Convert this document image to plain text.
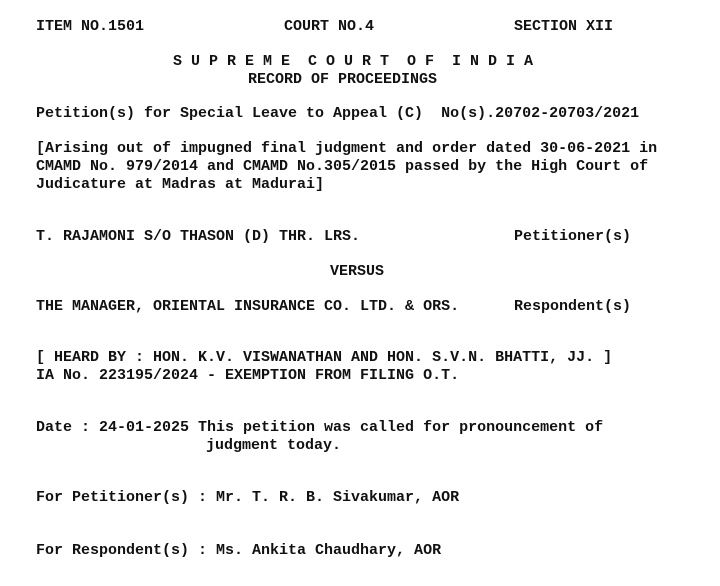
ITEM NO.1501	COURT NO.4	SECTION XII
S U P R E M E  C O U R T  O F  I N D I A
RECORD OF PROCEEDINGS
Petition(s) for Special Leave to Appeal (C)  No(s).20702-20703/2021
[Arising out of impugned final judgment and order dated 30-06-2021 in
CMAMD No. 979/2014 and CMAMD No.305/2015 passed by the High Court of
Judicature at Madras at Madurai]
T. RAJAMONI S/O THASON (D) THR. LRS.	Petitioner(s)
VERSUS
THE MANAGER, ORIENTAL INSURANCE CO. LTD. & ORS.	Respondent(s)
[ HEARD BY : HON. K.V. VISWANATHAN AND HON. S.V.N. BHATTI, JJ. ]
IA No. 223195/2024 - EXEMPTION FROM FILING O.T.
Date : 24-01-2025 This petition was called for pronouncement of
judgment today.
For Petitioner(s) : Mr. T. R. B. Sivakumar, AOR
For Respondent(s) : Ms. Ankita Chaudhary, AOR
